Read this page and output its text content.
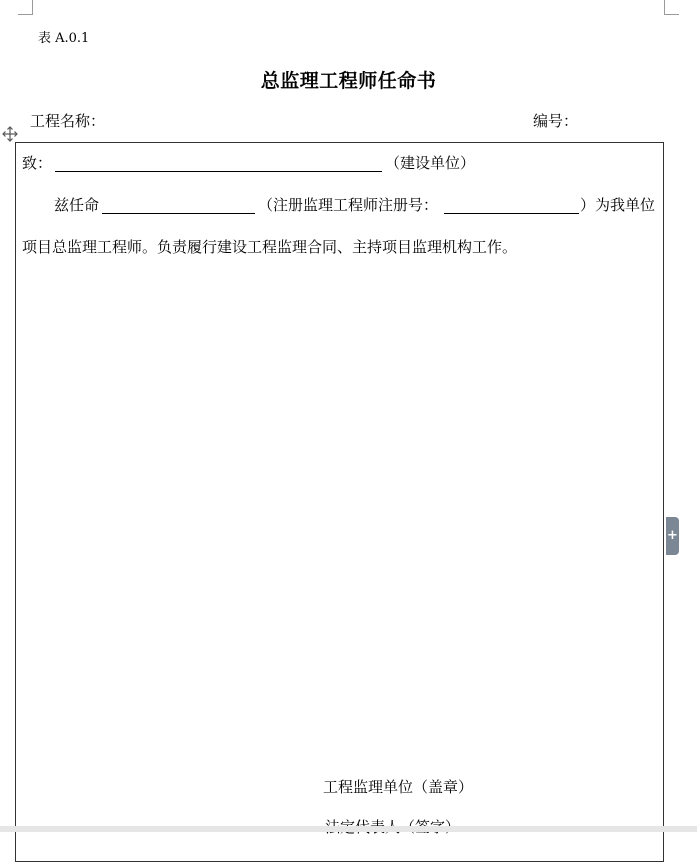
表 A.0.1
总监理工程师任命书
工程名称：	编号：
致：	（建设单位）
兹任命	（注册监理工程师注册号：	）为我单位
项目总监理工程师。负责履行建设工程监理合同、主持项目监理机构工作。
工程监理单位（盖章）
+
